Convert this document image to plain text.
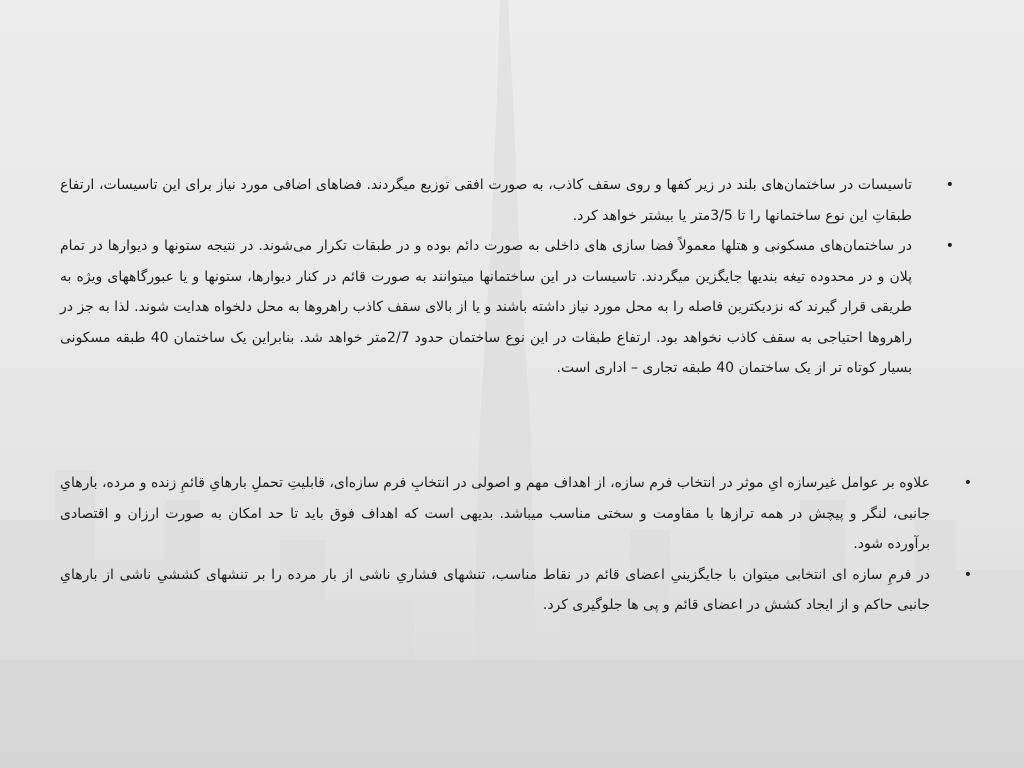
•
تاسیسات در ساختمان‌های بلند در زیر کفها و روی سقف کاذب، به صورت افقی توزیع میگردند. فضاهای اضافی مورد نیاز برای این تاسیسات، ارتفاع طبقاتِ این نوع ساختمانها را تا 3/5متر یا بیشتر خواهد کرد.

•
در ساختمان‌های مسکونی و هتلها معمولاً فضا سازی های داخلی به صورت دائم بوده و در طبقات تکرار می‌شوند. در نتیجه ستونها و دیوارها در تمام پلان و در محدوده تیغه بندیها جایگزین میگردند. تاسیسات در این ساختمانها میتوانند به صورت قائم در کنار دیوارها، ستونها و یا عبورگاههای ویژه به طریقی قرار گیرند که نزدیکترین فاصله را به محل مورد نیاز داشته باشند و یا از بالای سقف کاذب راهروها به محل دلخواه هدایت شوند. لذا به جز در راهروها احتیاجی به سقف کاذب نخواهد بود. ارتفاع طبقات در این نوع ساختمان حدود 2/7متر خواهد شد. بنابراین یک ساختمان 40 طبقه مسکونی بسیار کوتاه تر از یک ساختمان 40 طبقه تجاری – اداری است.

•
علاوه بر عوامل غیرسازه ایِ موثر در انتخاب فرم سازه، از اهداف مهم و اصولی در انتخابِ فرم سازه‌ای، قابلیتِ تحملِ بارهایِ قائمِ زنده و مرده، بارهایِ جانبی، لنگر و پیچش در همه ترازها با مقاومت و سختی مناسب میباشد. بدیهی است که اهداف فوق باید تا حد امکان به صورت ارزان و اقتصادی برآورده شود.

•
در فرمِ سازه ای انتخابی میتوان با جایگزینیِ اعضای قائم در نقاط مناسب، تنشهای فشاریِ ناشی از بار مرده را بر تنشهای کششیِ ناشی از بارهایِ جانبی حاکم و از ایجاد کشش در اعضای قائم و پی ها جلوگیری کرد.
